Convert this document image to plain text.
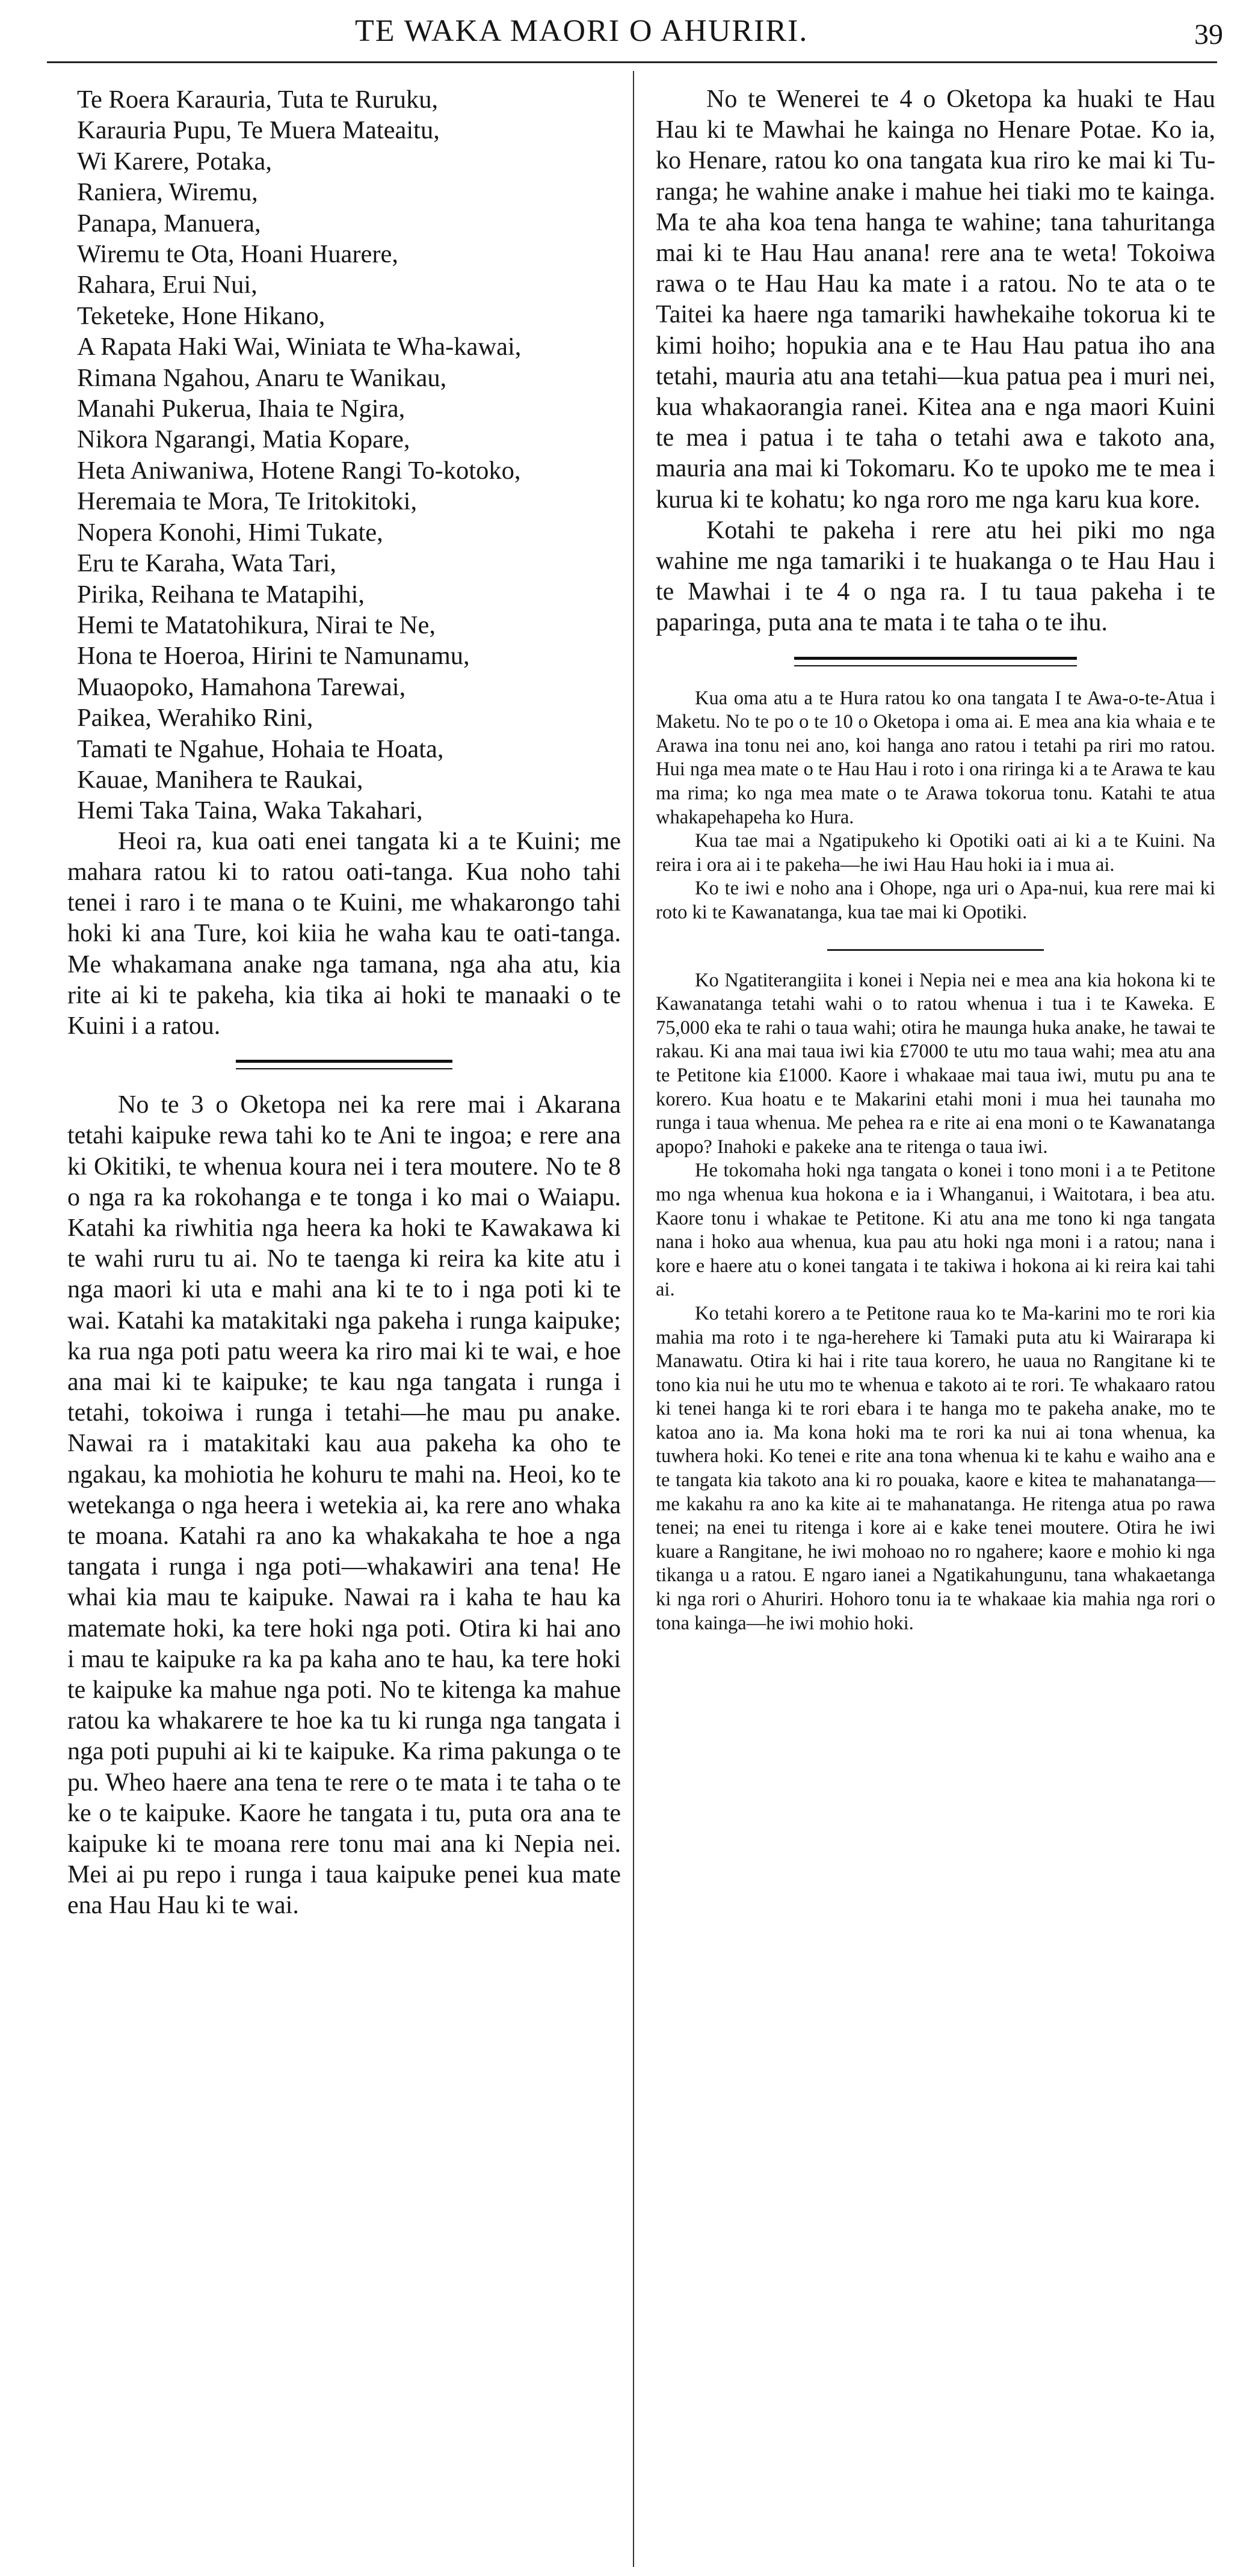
TE WAKA MAORI O AHURIRI.	39
Te Roera Karauria, Tuta te Ruruku,
Karauria Pupu, Te Muera Mateaitu,
Wi Karere, Potaka,
Raniera, Wiremu,
Panapa, Manuera,
Wiremu te Ota, Hoani Huarere,
Rahara, Erui Nui,
Teketeke, Hone Hikano,
A Rapata Haki Wai, Winiata te Wha-kawai,
Rimana Ngahou, Anaru te Wanikau,
Manahi Pukerua, Ihaia te Ngira,
Nikora Ngarangi, Matia Kopare,
Heta Aniwaniwa, Hotene Rangi To-kotoko,
Heremaia te Mora, Te Iritokitoki,
Nopera Konohi, Himi Tukate,
Eru te Karaha, Wata Tari,
Pirika, Reihana te Matapihi,
Hemi te Matatohikura, Nirai te Ne,
Hona te Hoeroa, Hirini te Namunamu,
Muaopoko, Hamahona Tarewai,
Paikea, Werahiko Rini,
Tamati te Ngahue, Hohaia te Hoata,
Kauae, Manihera te Raukai,
Hemi Taka Taina, Waka Takahari,

Heoi ra, kua oati enei tangata ki a te Kuini; me mahara ratou ki to ratou oati-tanga. Kua noho tahi tenei i raro i te mana o te Kuini, me whakarongo tahi hoki ki ana Ture, koi kiia he waha kau te oati-tanga. Me whakamana anake nga tamana, nga aha atu, kia rite ai ki te pakeha, kia tika ai hoki te manaaki o te Kuini i a ratou.

No te 3 o Oketopa nei ka rere mai i Akarana tetahi kaipuke rewa tahi ko te Ani te ingoa; e rere ana ki Okitiki, te whenua koura nei i tera moutere. No te 8 o nga ra ka rokohanga e te tonga i ko mai o Waiapu. Katahi ka riwhitia nga heera ka hoki te Kawakawa ki te wahi ruru tu ai. No te taenga ki reira ka kite atu i nga maori ki uta e mahi ana ki te to i nga poti ki te wai. Katahi ka matakitaki nga pakeha i runga kaipuke; ka rua nga poti patu weera ka riro mai ki te wai, e hoe ana mai ki te kaipuke; te kau nga tangata i runga i tetahi, tokoiwa i runga i tetahi—he mau pu anake. Nawai ra i matakitaki kau aua pakeha ka oho te ngakau, ka mohiotia he kohuru te mahi na. Heoi, ko te wetekanga o nga heera i wetekia ai, ka rere ano whaka te moana. Katahi ra ano ka whakakaha te hoe a nga tangata i runga i nga poti—whakawiri ana tena! He whai kia mau te kaipuke. Nawai ra i kaha te hau ka matemate hoki, ka tere hoki nga poti. Otira ki hai ano i mau te kaipuke ra ka pa kaha ano te hau, ka tere hoki te kaipuke ka mahue nga poti. No te kitenga ka mahue ratou ka whakarere te hoe ka tu ki runga nga tangata i nga poti pupuhi ai ki te kaipuke. Ka rima pakunga o te pu. Wheo haere ana tena te rere o te mata i te taha o te ke o te kaipuke. Kaore he tangata i tu, puta ora ana te kaipuke ki te moana rere tonu mai ana ki Nepia nei. Mei ai pu repo i runga i taua kaipuke penei kua mate ena Hau Hau ki te wai.

No te Wenerei te 4 o Oketopa ka huaki te Hau Hau ki te Mawhai he kainga no Henare Potae. Ko ia, ko Henare, ratou ko ona tangata kua riro ke mai ki Tu-ranga; he wahine anake i mahue hei tiaki mo te kainga. Ma te aha koa tena hanga te wahine; tana tahuritanga mai ki te Hau Hau anana! rere ana te weta! Tokoiwa rawa o te Hau Hau ka mate i a ratou. No te ata o te Taitei ka haere nga tamariki hawhekaihe tokorua ki te kimi hoiho; hopukia ana e te Hau Hau patua iho ana tetahi, mauria atu ana tetahi—kua patua pea i muri nei, kua whakaorangia ranei. Kitea ana e nga maori Kuini te mea i patua i te taha o tetahi awa e takoto ana, mauria ana mai ki Tokomaru. Ko te upoko me te mea i kurua ki te kohatu; ko nga roro me nga karu kua kore.

Kotahi te pakeha i rere atu hei piki mo nga wahine me nga tamariki i te huakanga o te Hau Hau i te Mawhai i te 4 o nga ra. I tu taua pakeha i te paparinga, puta ana te mata i te taha o te ihu.

Kua oma atu a te Hura ratou ko ona tangata I te Awa-o-te-Atua i Maketu. No te po o te 10 o Oketopa i oma ai. E mea ana kia whaia e te Arawa ina tonu nei ano, koi hanga ano ratou i tetahi pa riri mo ratou. Hui nga mea mate o te Hau Hau i roto i ona riringa ki a te Arawa te kau ma rima; ko nga mea mate o te Arawa tokorua tonu. Katahi te atua whakapehapeha ko Hura.

Kua tae mai a Ngatipukeho ki Opotiki oati ai ki a te Kuini. Na reira i ora ai i te pakeha—he iwi Hau Hau hoki ia i mua ai.

Ko te iwi e noho ana i Ohope, nga uri o Apa-nui, kua rere mai ki roto ki te Kawanatanga, kua tae mai ki Opotiki.

Ko Ngatiterangiita i konei i Nepia nei e mea ana kia hokona ki te Kawanatanga tetahi wahi o to ratou whenua i tua i te Kaweka. E 75,000 eka te rahi o taua wahi; otira he maunga huka anake, he tawai te rakau. Ki ana mai taua iwi kia £7000 te utu mo taua wahi; mea atu ana te Petitone kia £1000. Kaore i whakaae mai taua iwi, mutu pu ana te korero. Kua hoatu e te Makarini etahi moni i mua hei taunaha mo runga i taua whenua. Me pehea ra e rite ai ena moni o te Kawanatanga apopo? Inahoki e pakeke ana te ritenga o taua iwi.

He tokomaha hoki nga tangata o konei i tono moni i a te Petitone mo nga whenua kua hokona e ia i Whanganui, i Waitotara, i bea atu. Kaore tonu i whakae te Petitone. Ki atu ana me tono ki nga tangata nana i hoko aua whenua, kua pau atu hoki nga moni i a ratou; nana i kore e haere atu o konei tangata i te takiwa i hokona ai ki reira kai tahi ai.

Ko tetahi korero a te Petitone raua ko te Ma-karini mo te rori kia mahia ma roto i te nga-herehere ki Tamaki puta atu ki Wairarapa ki Manawatu. Otira ki hai i rite taua korero, he uaua no Rangitane ki te tono kia nui he utu mo te whenua e takoto ai te rori. Te whakaaro ratou ki tenei hanga ki te rori ebara i te hanga mo te pakeha anake, mo te katoa ano ia. Ma kona hoki ma te rori ka nui ai tona whenua, ka tuwhera hoki. Ko tenei e rite ana tona whenua ki te kahu e waiho ana e te tangata kia takoto ana ki ro pouaka, kaore e kitea te mahanatanga—me kakahu ra ano ka kite ai te mahanatanga. He ritenga atua po rawa tenei; na enei tu ritenga i kore ai e kake tenei moutere. Otira he iwi kuare a Rangitane, he iwi mohoao no ro ngahere; kaore e mohio ki nga tikanga u a ratou. E ngaro ianei a Ngatikahungunu, tana whakaetanga ki nga rori o Ahuriri. Hohoro tonu ia te whakaae kia mahia nga rori o tona kainga—he iwi mohio hoki.
